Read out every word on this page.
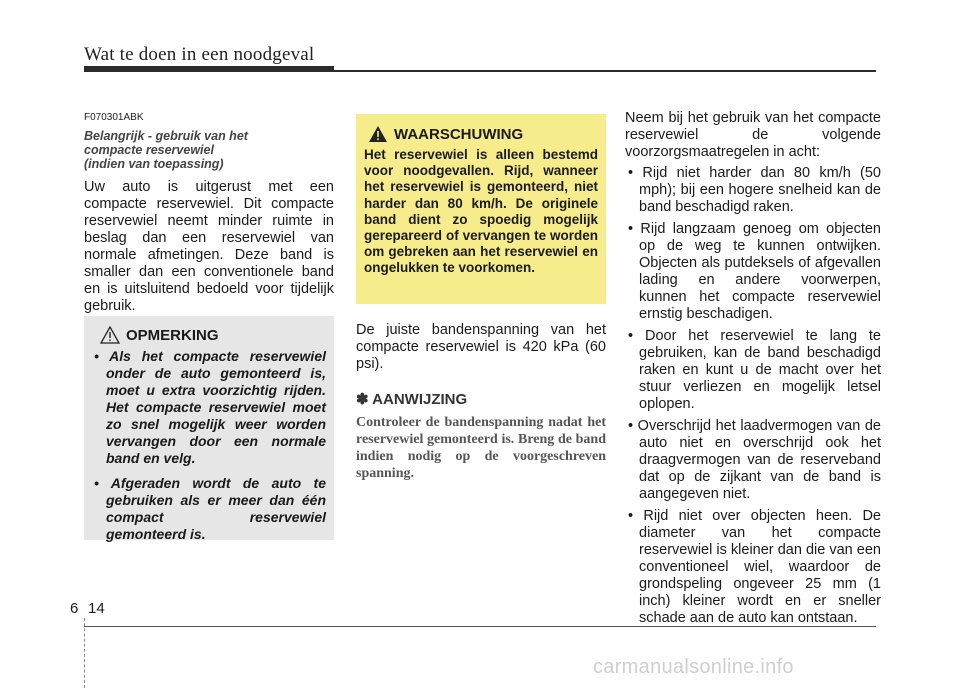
Wat te doen in een noodgeval
F070301ABK
Belangrijk - gebruik van het
compacte reservewiel
(indien van toepassing)
Uw auto is uitgerust met een compacte reservewiel. Dit compacte reservewiel neemt minder ruimte in beslag dan een reservewiel van normale afmetingen. Deze band is smaller dan een conventionele band en is uitsluitend bedoeld voor tijdelijk gebruik.
OPMERKING
• Als het compacte reservewiel onder de auto gemonteerd is, moet u extra voorzichtig rijden. Het compacte reservewiel moet zo snel mogelijk weer worden vervangen door een normale band en velg.
• Afgeraden wordt de auto te gebruiken als er meer dan één compact reservewiel gemonteerd is.
WAARSCHUWING
Het reservewiel is alleen bestemd voor noodgevallen. Rijd, wanneer het reservewiel is gemonteerd, niet harder dan 80 km/h. De originele band dient zo spoedig mogelijk gerepareerd of vervangen te worden om gebreken aan het reservewiel en ongelukken te voorkomen.
De juiste bandenspanning van het compacte reservewiel is 420 kPa (60 psi).
✽ AANWIJZING
Controleer de bandenspanning nadat het reservewiel gemonteerd is. Breng de band indien nodig op de voorgeschreven spanning.
Neem bij het gebruik van het compacte reservewiel de volgende voorzorgsmaatregelen in acht:
• Rijd niet harder dan 80 km/h (50 mph); bij een hogere snelheid kan de band beschadigd raken.
• Rijd langzaam genoeg om objecten op de weg te kunnen ontwijken. Objecten als putdeksels of afgevallen lading en andere voorwerpen, kunnen het compacte reservewiel ernstig beschadigen.
• Door het reservewiel te lang te gebruiken, kan de band beschadigd raken en kunt u de macht over het stuur verliezen en mogelijk letsel oplopen.
• Overschrijd het laadvermogen van de auto niet en overschrijd ook het draagvermogen van de reserveband dat op de zijkant van de band is aangegeven niet.
• Rijd niet over objecten heen. De diameter van het compacte reservewiel is kleiner dan die van een conventioneel wiel, waardoor de grondspeling ongeveer 25 mm (1 inch) kleiner wordt en er sneller schade aan de auto kan ontstaan.
6 14
carmanualsonline.info
